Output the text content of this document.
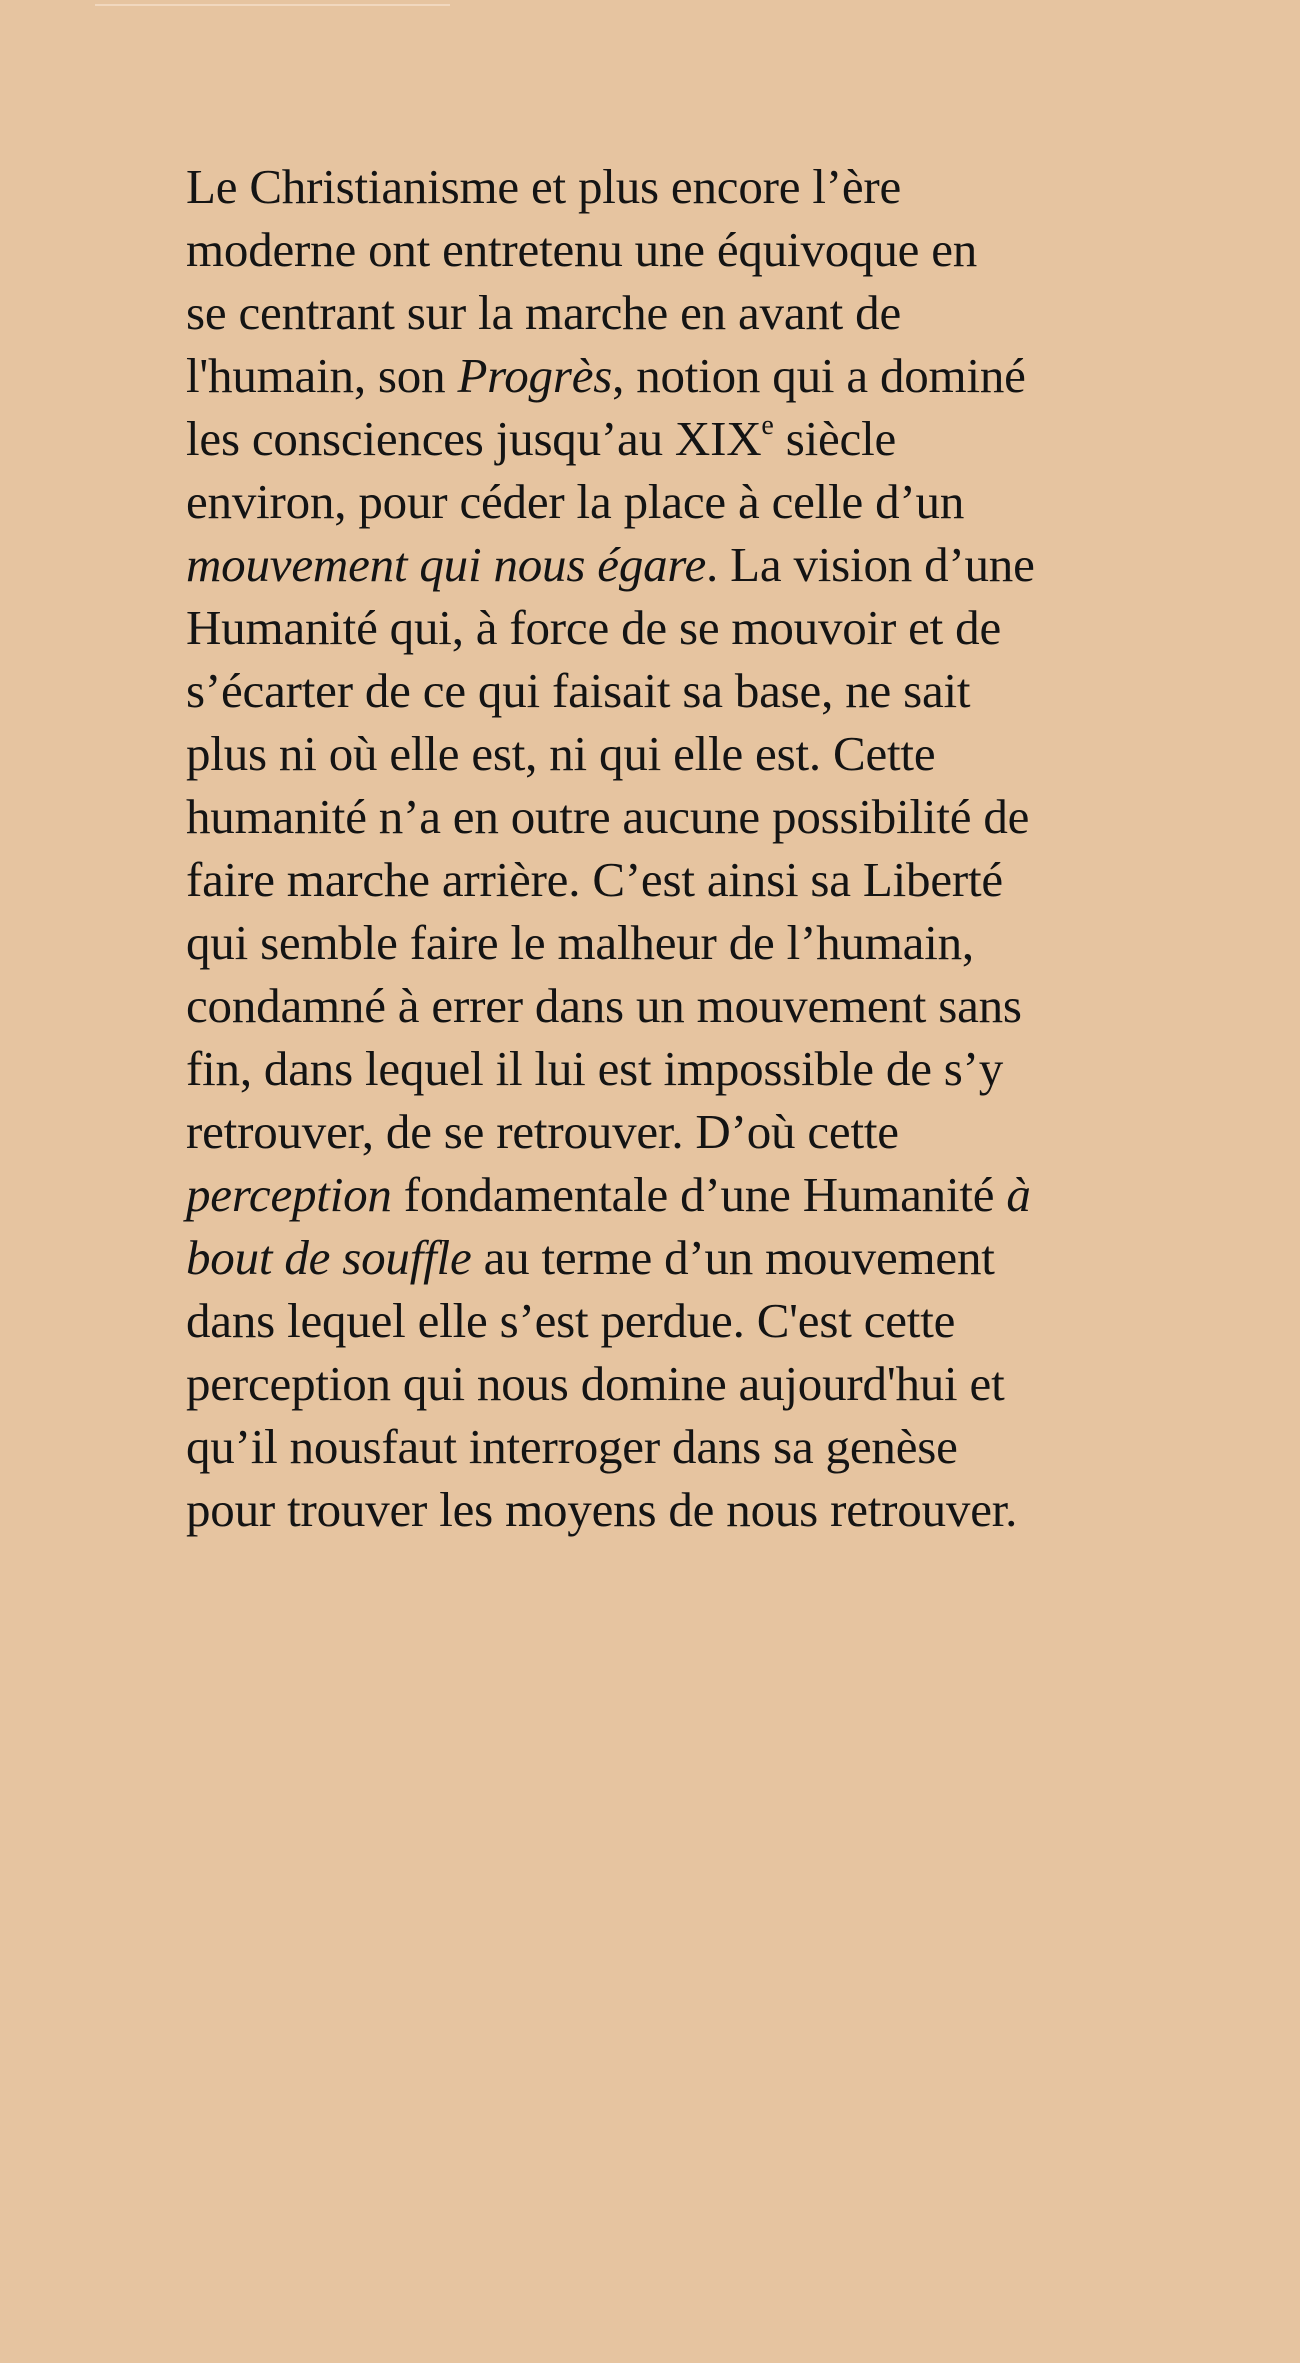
Le Christianisme et plus encore l’ère
moderne ont entretenu une équivoque en
se centrant sur la marche en avant de
l'humain, son Progrès, notion qui a dominé
les consciences jusqu’au XIXe siècle
environ, pour céder la place à celle d’un
mouvement qui nous égare. La vision d’une
Humanité qui, à force de se mouvoir et de
s’écarter de ce qui faisait sa base, ne sait
plus ni où elle est, ni qui elle est. Cette
humanité n’a en outre aucune possibilité de
faire marche arrière. C’est ainsi sa Liberté
qui semble faire le malheur de l’humain,
condamné à errer dans un mouvement sans
fin, dans lequel il lui est impossible de s’y
retrouver, de se retrouver. D’où cette
perception fondamentale d’une Humanité à
bout de souffle au terme d’un mouvement
dans lequel elle s’est perdue. C'est cette
perception qui nous domine aujourd'hui et
qu’il nousfaut interroger dans sa genèse
pour trouver les moyens de nous retrouver.
